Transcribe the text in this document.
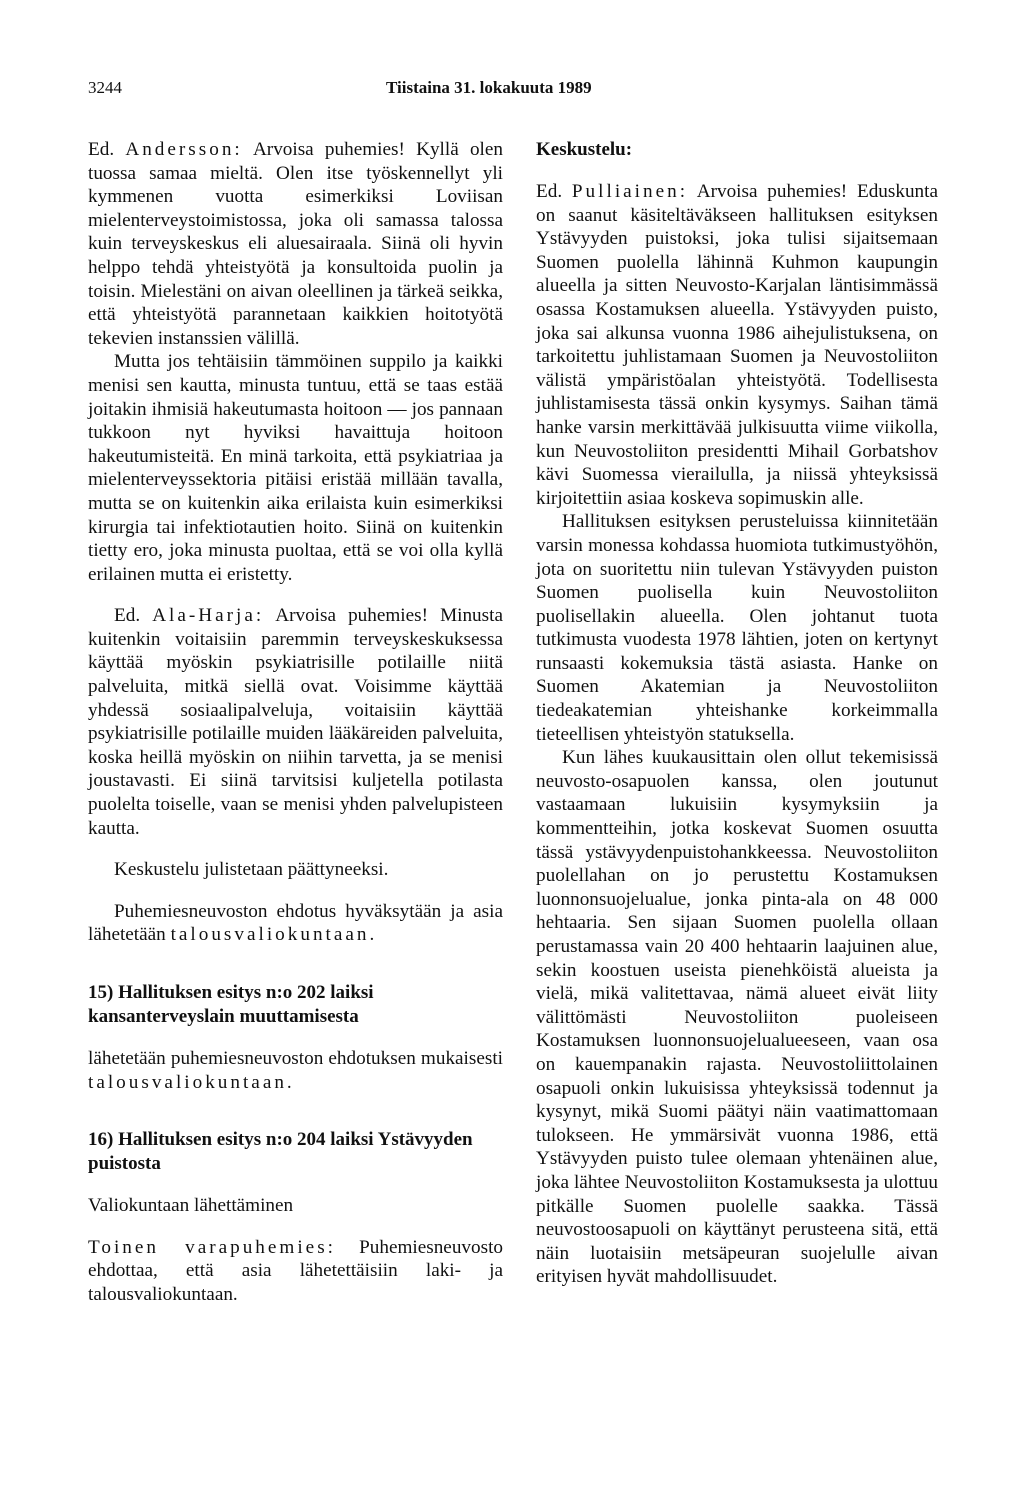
3244	Tiistaina 31. lokakuuta 1989

Ed. Andersson: Arvoisa puhemies! Kyllä olen tuossa samaa mieltä. Olen itse työskennellyt yli kymmenen vuotta esimerkiksi Loviisan mielenterveystoimistossa, joka oli samassa talossa kuin terveyskeskus eli aluesairaala. Siinä oli hyvin helppo tehdä yhteistyötä ja konsultoida puolin ja toisin. Mielestäni on aivan oleellinen ja tärkeä seikka, että yhteistyötä parannetaan kaikkien hoitotyötä tekevien instanssien välillä.

Mutta jos tehtäisiin tämmöinen suppilo ja kaikki menisi sen kautta, minusta tuntuu, että se taas estää joitakin ihmisiä hakeutumasta hoitoon — jos pannaan tukkoon nyt hyviksi havaittuja hoitoon hakeutumisteitä. En minä tarkoita, että psykiatriaa ja mielenterveyssektoria pitäisi eristää millään tavalla, mutta se on kuitenkin aika erilaista kuin esimerkiksi kirurgia tai infektiotautien hoito. Siinä on kuitenkin tietty ero, joka minusta puoltaa, että se voi olla kyllä erilainen mutta ei eristetty.

Ed. Ala-Harja: Arvoisa puhemies! Minusta kuitenkin voitaisiin paremmin terveyskeskuksessa käyttää myöskin psykiatrisille potilaille niitä palveluita, mitkä siellä ovat. Voisimme käyttää yhdessä sosiaalipalveluja, voitaisiin käyttää psykiatrisille potilaille muiden lääkäreiden palveluita, koska heillä myöskin on niihin tarvetta, ja se menisi joustavasti. Ei siinä tarvitsisi kuljetella potilasta puolelta toiselle, vaan se menisi yhden palvelupisteen kautta.

Keskustelu julistetaan päättyneeksi.

Puhemiesneuvoston ehdotus hyväksytään ja asia lähetetään talousvaliokuntaan.

15) Hallituksen esitys n:o 202 laiksi kansanterveyslain muuttamisesta

lähetetään puhemiesneuvoston ehdotuksen mukaisesti talousvaliokuntaan.

16) Hallituksen esitys n:o 204 laiksi Ystävyyden puistosta

Valiokuntaan lähettäminen

Toinen varapuhemies: Puhemiesneuvosto ehdottaa, että asia lähetettäisiin laki- ja talousvaliokuntaan.

Keskustelu:

Ed. Pulliainen: Arvoisa puhemies! Eduskunta on saanut käsiteltäväkseen hallituksen esityksen Ystävyyden puistoksi, joka tulisi sijaitsemaan Suomen puolella lähinnä Kuhmon kaupungin alueella ja sitten Neuvosto-Karjalan läntisimmässä osassa Kostamuksen alueella. Ystävyyden puisto, joka sai alkunsa vuonna 1986 aihejulistuksena, on tarkoitettu juhlistamaan Suomen ja Neuvostoliiton välistä ympäristöalan yhteistyötä. Todellisesta juhlistamisesta tässä onkin kysymys. Saihan tämä hanke varsin merkittävää julkisuutta viime viikolla, kun Neuvostoliiton presidentti Mihail Gorbatshov kävi Suomessa vierailulla, ja niissä yhteyksissä kirjoitettiin asiaa koskeva sopimuskin alle.

Hallituksen esityksen perusteluissa kiinnitetään varsin monessa kohdassa huomiota tutkimustyöhön, jota on suoritettu niin tulevan Ystävyyden puiston Suomen puolisella kuin Neuvostoliiton puolisellakin alueella. Olen johtanut tuota tutkimusta vuodesta 1978 lähtien, joten on kertynyt runsaasti kokemuksia tästä asiasta. Hanke on Suomen Akatemian ja Neuvostoliiton tiedeakatemian yhteishanke korkeimmalla tieteellisen yhteistyön statuksella.

Kun lähes kuukausittain olen ollut tekemisissä neuvosto-osapuolen kanssa, olen joutunut vastaamaan lukuisiin kysymyksiin ja kommentteihin, jotka koskevat Suomen osuutta tässä ystävyydenpuistohankkeessa. Neuvostoliiton puolellahan on jo perustettu Kostamuksen luonnonsuojelualue, jonka pinta-ala on 48 000 hehtaaria. Sen sijaan Suomen puolella ollaan perustamassa vain 20 400 hehtaarin laajuinen alue, sekin koostuen useista pienehköistä alueista ja vielä, mikä valitettavaa, nämä alueet eivät liity välittömästi Neuvostoliiton puoleiseen Kostamuksen luonnonsuojelualueeseen, vaan osa on kauempanakin rajasta. Neuvostoliittolainen osapuoli onkin lukuisissa yhteyksissä todennut ja kysynyt, mikä Suomi päätyi näin vaatimattomaan tulokseen. He ymmärsivät vuonna 1986, että Ystävyyden puisto tulee olemaan yhtenäinen alue, joka lähtee Neuvostoliiton Kostamuksesta ja ulottuu pitkälle Suomen puolelle saakka. Tässä neuvostoosapuoli on käyttänyt perusteena sitä, että näin luotaisiin metsäpeuran suojelulle aivan erityisen hyvät mahdollisuudet.
